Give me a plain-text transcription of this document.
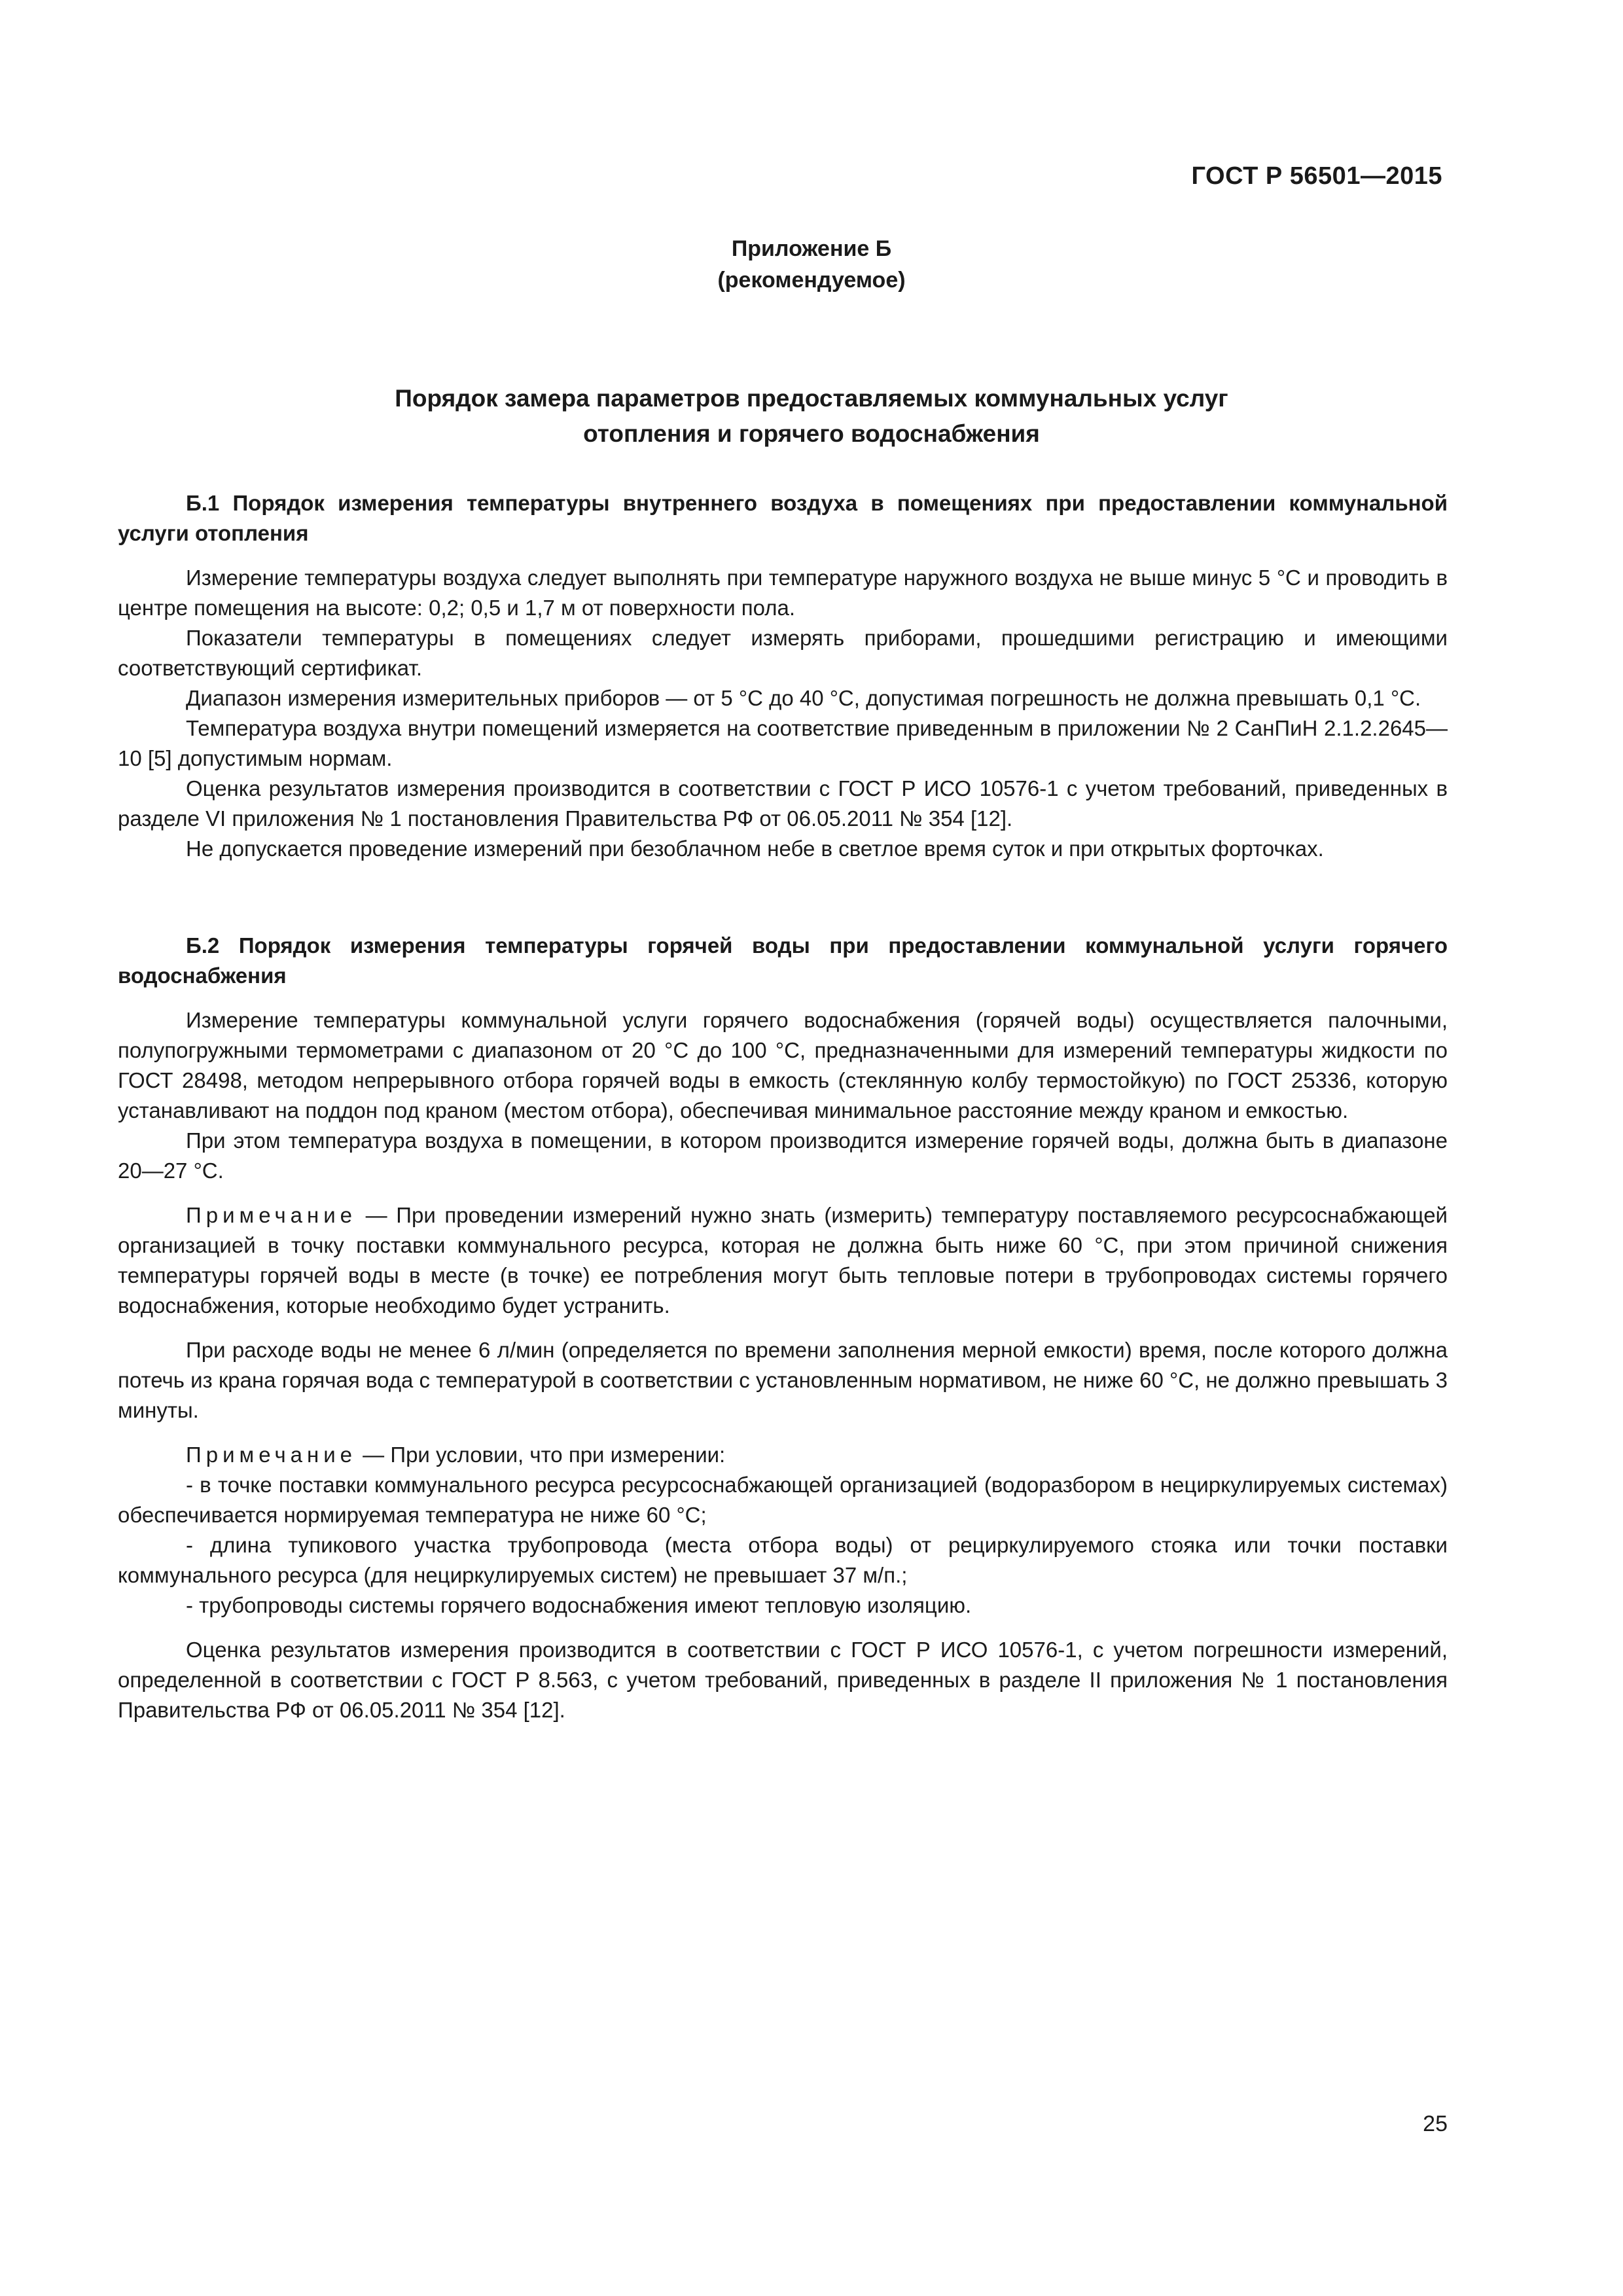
ГОСТ Р 56501—2015
Приложение Б
(рекомендуемое)
Порядок замера параметров предоставляемых коммунальных услуг
отопления и горячего водоснабжения

Б.1 Порядок измерения температуры внутреннего воздуха в помещениях при предоставлении коммунальной услуги отопления

Измерение температуры воздуха следует выполнять при температуре наружного воздуха не выше минус 5 °С и проводить в центре помещения на высоте: 0,2; 0,5 и 1,7 м от поверхности пола.

Показатели температуры в помещениях следует измерять приборами, прошедшими регистрацию и имеющими соответствующий сертификат.

Диапазон измерения измерительных приборов — от 5 °С до 40 °С, допустимая погрешность не должна превышать 0,1 °С.

Температура воздуха внутри помещений измеряется на соответствие приведенным в приложении № 2 СанПиН 2.1.2.2645—10 [5] допустимым нормам.

Оценка результатов измерения производится в соответствии с ГОСТ Р ИСО 10576-1 с учетом требований, приведенных в разделе VI приложения № 1 постановления Правительства РФ от 06.05.2011 № 354 [12].

Не допускается проведение измерений при безоблачном небе в светлое время суток и при открытых форточках.

Б.2 Порядок измерения температуры горячей воды при предоставлении коммунальной услуги горячего водоснабжения

Измерение температуры коммунальной услуги горячего водоснабжения (горячей воды) осуществляется палочными, полупогружными термометрами с диапазоном от 20 °С до 100 °С, предназначенными для измерений температуры жидкости по ГОСТ 28498, методом непрерывного отбора горячей воды в емкость (стеклянную колбу термостойкую) по ГОСТ 25336, которую устанавливают на поддон под краном (местом отбора), обеспечивая минимальное расстояние между краном и емкостью.

При этом температура воздуха в помещении, в котором производится измерение горячей воды, должна быть в диапазоне 20—27 °С.

Примечание — При проведении измерений нужно знать (измерить) температуру поставляемого ресурсоснабжающей организацией в точку поставки коммунального ресурса, которая не должна быть ниже 60 °С, при этом причиной снижения температуры горячей воды в месте (в точке) ее потребления могут быть тепловые потери в трубопроводах системы горячего водоснабжения, которые необходимо будет устранить.

При расходе воды не менее 6 л/мин (определяется по времени заполнения мерной емкости) время, после которого должна потечь из крана горячая вода с температурой в соответствии с установленным нормативом, не ниже 60 °С, не должно превышать 3 минуты.

Примечание — При условии, что при измерении:

- в точке поставки коммунального ресурса ресурсоснабжающей организацией (водоразбором в нециркулируемых системах) обеспечивается нормируемая температура не ниже 60 °С;

- длина тупикового участка трубопровода (места отбора воды) от рециркулируемого стояка или точки поставки коммунального ресурса (для нециркулируемых систем) не превышает 37 м/п.;

- трубопроводы системы горячего водоснабжения имеют тепловую изоляцию.

Оценка результатов измерения производится в соответствии с ГОСТ Р ИСО 10576-1, с учетом погрешности измерений, определенной в соответствии с ГОСТ Р 8.563, с учетом требований, приведенных в разделе II приложения № 1 постановления Правительства РФ от 06.05.2011 № 354 [12].

25
